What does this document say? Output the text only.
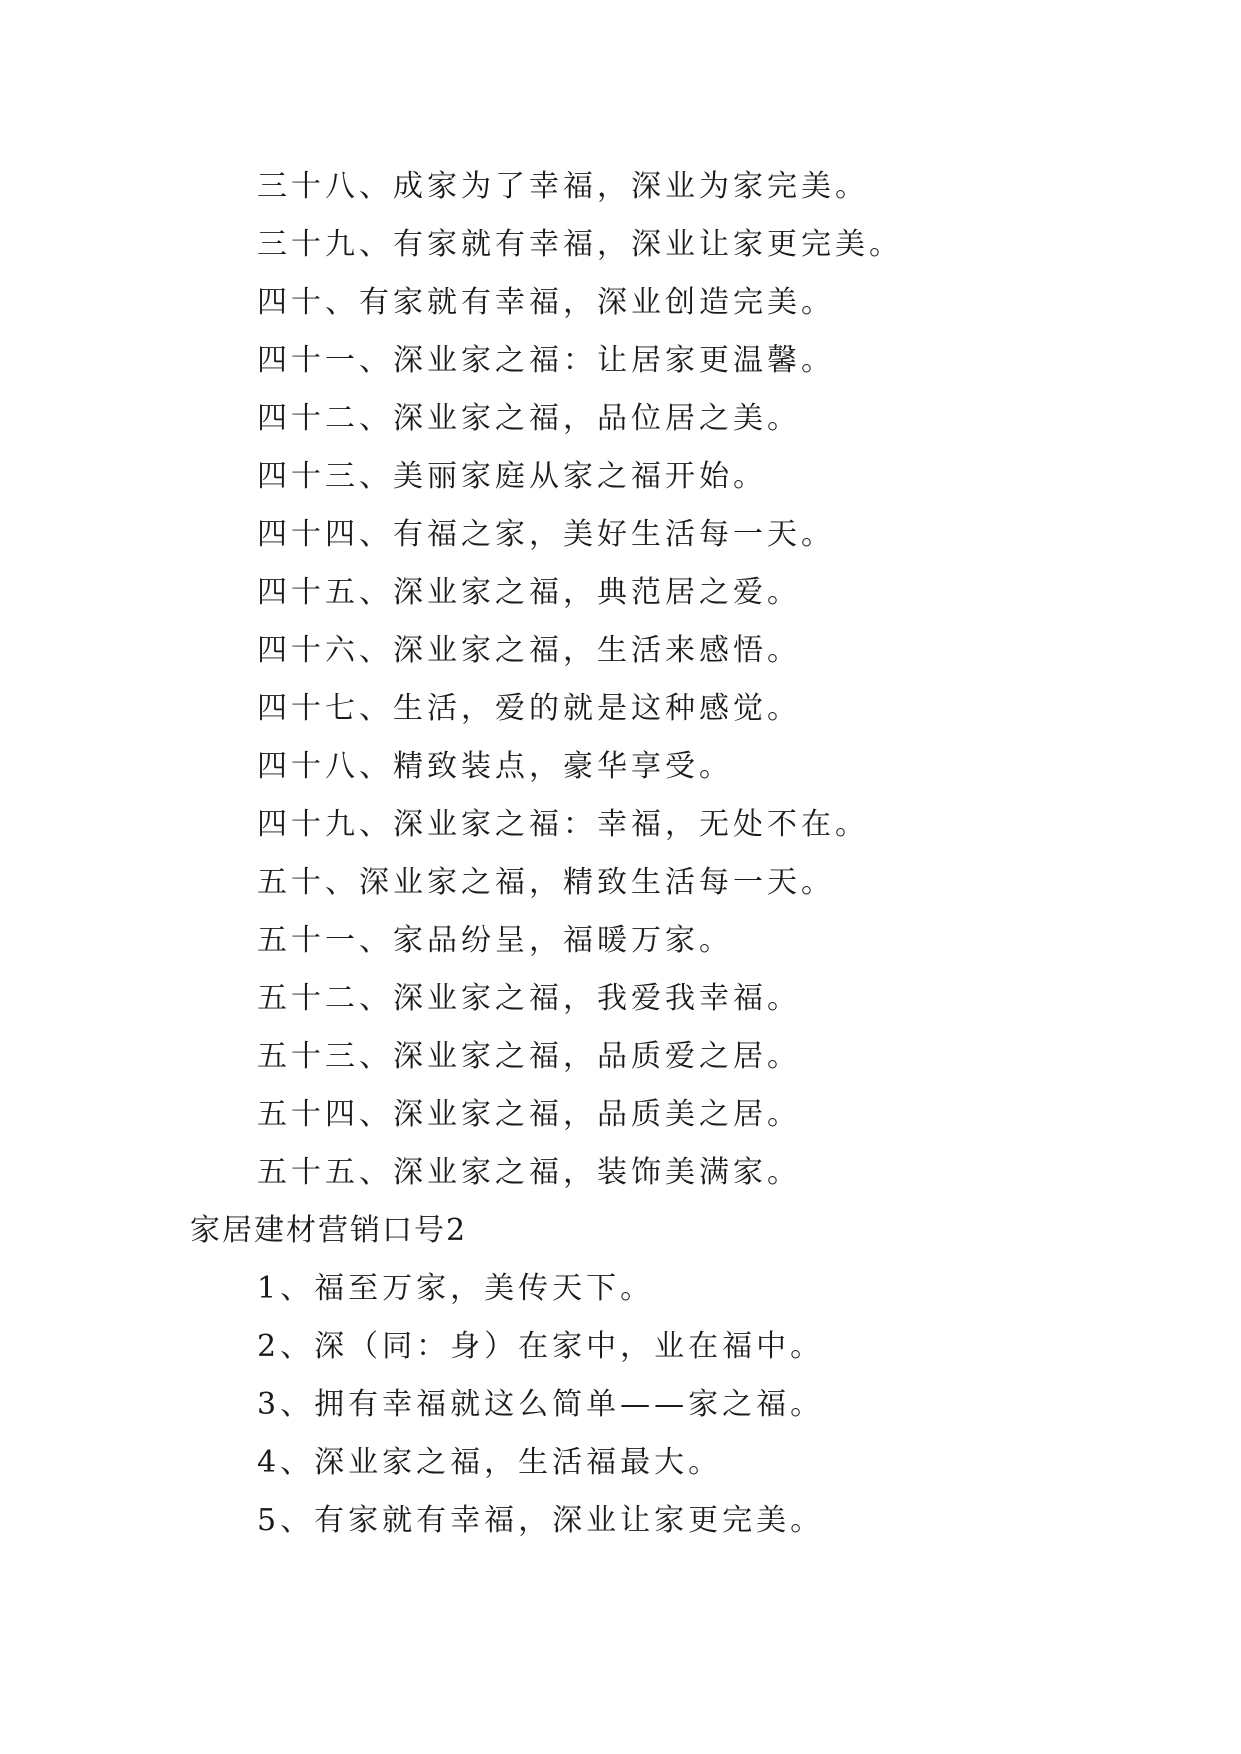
三十八、成家为了幸福，深业为家完美。
三十九、有家就有幸福，深业让家更完美。
四十、有家就有幸福，深业创造完美。
四十一、深业家之福：让居家更温馨。
四十二、深业家之福，品位居之美。
四十三、美丽家庭从家之福开始。
四十四、有福之家，美好生活每一天。
四十五、深业家之福，典范居之爱。
四十六、深业家之福，生活来感悟。
四十七、生活，爱的就是这种感觉。
四十八、精致装点，豪华享受。
四十九、深业家之福：幸福，无处不在。
五十、深业家之福，精致生活每一天。
五十一、家品纷呈，福暖万家。
五十二、深业家之福，我爱我幸福。
五十三、深业家之福，品质爱之居。
五十四、深业家之福，品质美之居。
五十五、深业家之福，装饰美满家。
家居建材营销口号2
1、福至万家，美传天下。
2、深（同：身）在家中，业在福中。
3、拥有幸福就这么简单——家之福。
4、深业家之福，生活福最大。
5、有家就有幸福，深业让家更完美。
